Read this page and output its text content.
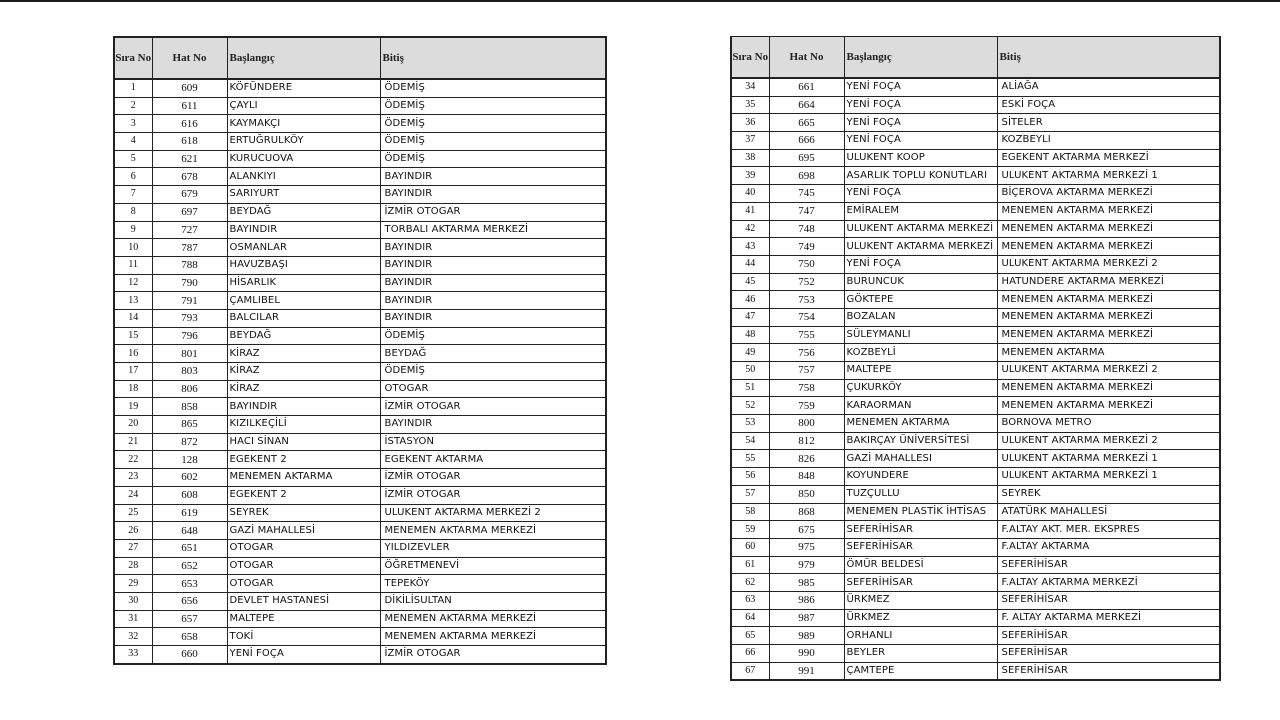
Sıra No	Hat No	Başlangıç	Bitiş
1	609	KÖFÜNDERE	ÖDEMİŞ
2	611	ÇAYLI	ÖDEMİŞ
3	616	KAYMAKÇI	ÖDEMİŞ
4	618	ERTUĞRULKÖY	ÖDEMİŞ
5	621	KURUCUOVA	ÖDEMİŞ
6	678	ALANKIYI	BAYINDIR
7	679	SARIYURT	BAYINDIR
8	697	BEYDAĞ	İZMİR OTOGAR
9	727	BAYINDIR	TORBALI AKTARMA MERKEZİ
10	787	OSMANLAR	BAYINDIR
11	788	HAVUZBAŞI	BAYINDIR
12	790	HİSARLIK	BAYINDIR
13	791	ÇAMLIBEL	BAYINDIR
14	793	BALCILAR	BAYINDIR
15	796	BEYDAĞ	ÖDEMİŞ
16	801	KİRAZ	BEYDAĞ
17	803	KİRAZ	ÖDEMİŞ
18	806	KİRAZ	OTOGAR
19	858	BAYINDIR	İZMİR OTOGAR
20	865	KIZILKEÇİLİ	BAYINDIR
21	872	HACI SİNAN	İSTASYON
22	128	EGEKENT 2	EGEKENT AKTARMA
23	602	MENEMEN AKTARMA	İZMİR OTOGAR
24	608	EGEKENT 2	İZMİR OTOGAR
25	619	SEYREK	ULUKENT AKTARMA MERKEZİ 2
26	648	GAZİ MAHALLESİ	MENEMEN AKTARMA MERKEZİ
27	651	OTOGAR	YILDIZEVLER
28	652	OTOGAR	ÖĞRETMENEVİ
29	653	OTOGAR	TEPEKÖY
30	656	DEVLET HASTANESİ	DİKİLİSULTAN
31	657	MALTEPE	MENEMEN AKTARMA MERKEZİ
32	658	TOKİ	MENEMEN AKTARMA MERKEZİ
33	660	YENİ FOÇA	İZMİR OTOGAR
Sıra No	Hat No	Başlangıç	Bitiş
34	661	YENİ FOÇA	ALİAĞA
35	664	YENİ FOÇA	ESKİ FOÇA
36	665	YENİ FOÇA	SİTELER
37	666	YENİ FOÇA	KOZBEYLI
38	695	ULUKENT KOOP	EGEKENT AKTARMA MERKEZİ
39	698	ASARLIK TOPLU KONUTLARI	ULUKENT AKTARMA MERKEZİ 1
40	745	YENİ FOÇA	BİÇEROVA AKTARMA MERKEZİ
41	747	EMİRALEM	MENEMEN AKTARMA MERKEZİ
42	748	ULUKENT AKTARMA MERKEZİ	MENEMEN AKTARMA MERKEZİ
43	749	ULUKENT AKTARMA MERKEZİ	MENEMEN AKTARMA MERKEZİ
44	750	YENİ FOÇA	ULUKENT AKTARMA MERKEZİ 2
45	752	BURUNCUK	HATUNDERE AKTARMA MERKEZİ
46	753	GÖKTEPE	MENEMEN AKTARMA MERKEZİ
47	754	BOZALAN	MENEMEN AKTARMA MERKEZİ
48	755	SÜLEYMANLI	MENEMEN AKTARMA MERKEZİ
49	756	KOZBEYLİ	MENEMEN AKTARMA
50	757	MALTEPE	ULUKENT AKTARMA MERKEZİ 2
51	758	ÇUKURKÖY	MENEMEN AKTARMA MERKEZİ
52	759	KARAORMAN	MENEMEN AKTARMA MERKEZİ
53	800	MENEMEN AKTARMA	BORNOVA METRO
54	812	BAKIRÇAY ÜNİVERSİTESİ	ULUKENT AKTARMA MERKEZİ 2
55	826	GAZİ MAHALLESI	ULUKENT AKTARMA MERKEZİ 1
56	848	KOYUNDERE	ULUKENT AKTARMA MERKEZİ 1
57	850	TUZÇULLU	SEYREK
58	868	MENEMEN PLASTİK İHTİSAS	ATATÜRK MAHALLESİ
59	675	SEFERİHİSAR	F.ALTAY AKT. MER. EKSPRES
60	975	SEFERİHİSAR	F.ALTAY AKTARMA
61	979	ÖMÜR BELDESİ	SEFERİHİSAR
62	985	SEFERİHİSAR	F.ALTAY AKTARMA MERKEZİ
63	986	ÜRKMEZ	SEFERİHİSAR
64	987	ÜRKMEZ	F. ALTAY AKTARMA MERKEZİ
65	989	ORHANLI	SEFERİHİSAR
66	990	BEYLER	SEFERİHİSAR
67	991	ÇAMTEPE	SEFERİHİSAR
